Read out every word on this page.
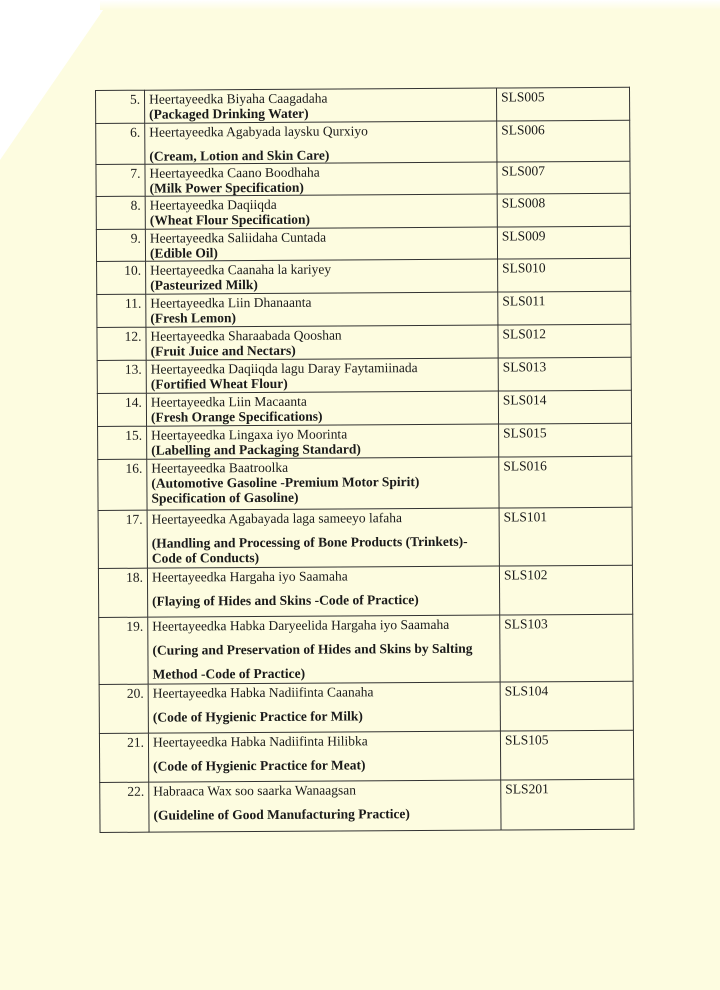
5.	Heertayeedka Biyaha Caagadaha
(Packaged Drinking Water)	SLS005
6.	Heertayeedka Agabyada laysku Qurxiyo
(Cream, Lotion and Skin Care)	SLS006
7.	Heertayeedka Caano Boodhaha
(Milk Power Specification)	SLS007
8.	Heertayeedka Daqiiqda
(Wheat Flour Specification)	SLS008
9.	Heertayeedka Saliidaha Cuntada
(Edible Oil)	SLS009
10.	Heertayeedka Caanaha la kariyey
(Pasteurized Milk)	SLS010
11.	Heertayeedka Liin Dhanaanta
(Fresh Lemon)	SLS011
12.	Heertayeedka Sharaabada Qooshan
(Fruit Juice and Nectars)	SLS012
13.	Heertayeedka Daqiiqda lagu Daray Faytamiinada
(Fortified Wheat Flour)	SLS013
14.	Heertayeedka Liin Macaanta
(Fresh Orange Specifications)	SLS014
15.	Heertayeedka Lingaxa iyo Moorinta
(Labelling and Packaging Standard)	SLS015
16.	Heertayeedka Baatroolka
(Automotive Gasoline -Premium Motor Spirit)
Specification of Gasoline)	SLS016
17.	Heertayeedka Agabayada laga sameeyo lafaha
(Handling and Processing of Bone Products (Trinkets)-
Code of Conducts)	SLS101
18.	Heertayeedka Hargaha iyo Saamaha
(Flaying of Hides and Skins -Code of Practice)	SLS102
19.	Heertayeedka Habka Daryeelida Hargaha iyo Saamaha
(Curing and Preservation of Hides and Skins by Salting
Method -Code of Practice)	SLS103
20.	Heertayeedka Habka Nadiifinta Caanaha
(Code of Hygienic Practice for Milk)	SLS104
21.	Heertayeedka Habka Nadiifinta Hilibka
(Code of Hygienic Practice for Meat)	SLS105
22.	Habraaca Wax soo saarka Wanaagsan
(Guideline of Good Manufacturing Practice)	SLS201
